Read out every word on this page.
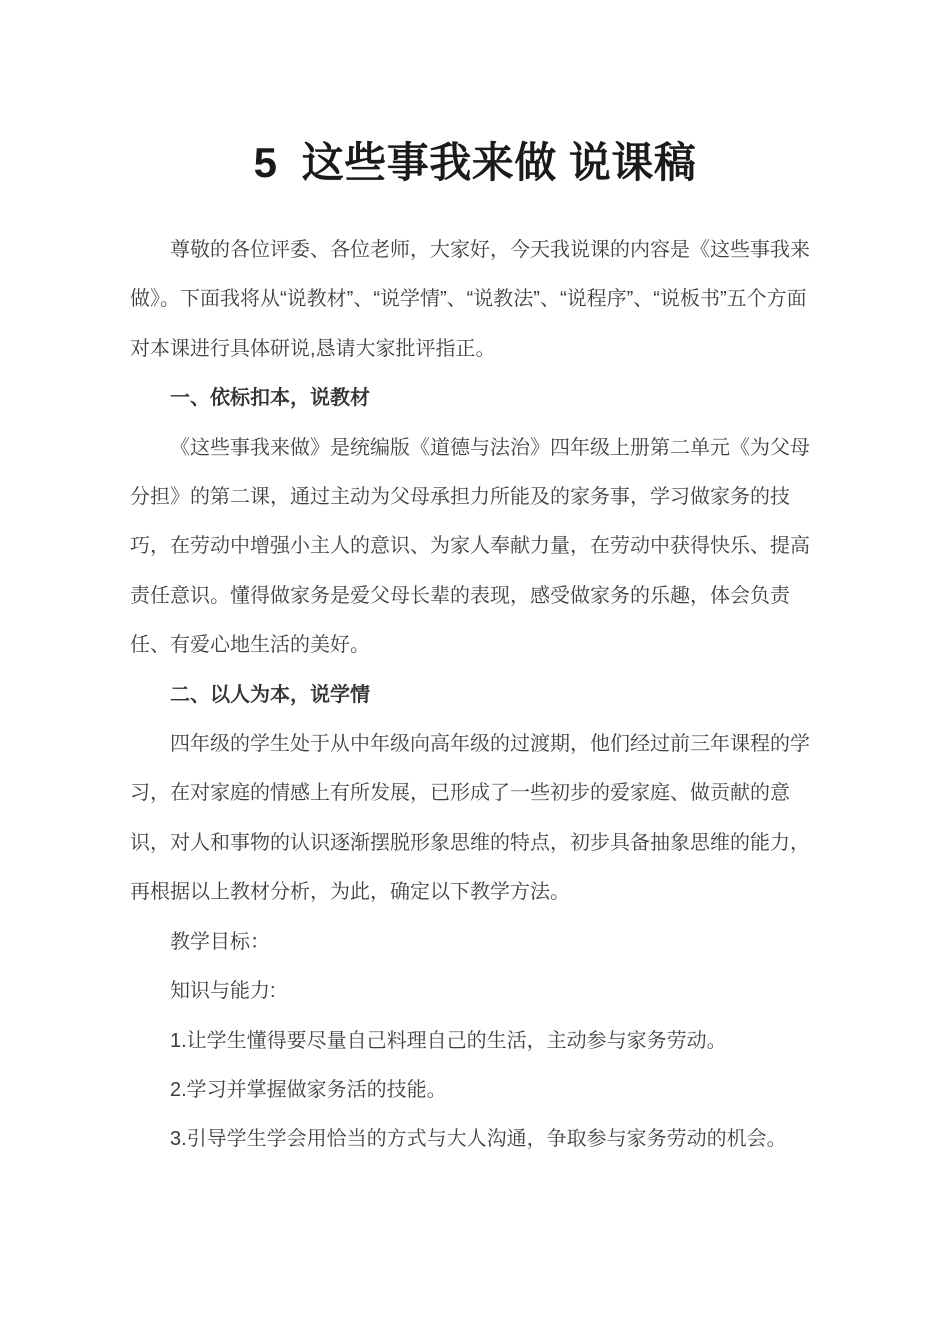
5  这些事我来做 说课稿

尊敬的各位评委、各位老师，大家好，今天我说课的内容是《这些事我来做》。下面我将从“说教材”、“说学情”、“说教法”、“说程序”、“说板书”五个方面对本课进行具体研说,恳请大家批评指正。

一、依标扣本，说教材

《这些事我来做》是统编版《道德与法治》四年级上册第二单元《为父母分担》的第二课，通过主动为父母承担力所能及的家务事，学习做家务的技巧，在劳动中增强小主人的意识、为家人奉献力量，在劳动中获得快乐、提高责任意识。懂得做家务是爱父母长辈的表现，感受做家务的乐趣，体会负责任、有爱心地生活的美好。

二、以人为本，说学情

四年级的学生处于从中年级向高年级的过渡期，他们经过前三年课程的学习，在对家庭的情感上有所发展，已形成了一些初步的爱家庭、做贡献的意识，对人和事物的认识逐渐摆脱形象思维的特点，初步具备抽象思维的能力，再根据以上教材分析，为此，确定以下教学方法。

教学目标：

知识与能力:

1.让学生懂得要尽量自己料理自己的生活，主动参与家务劳动。

2.学习并掌握做家务活的技能。

3.引导学生学会用恰当的方式与大人沟通，争取参与家务劳动的机会。
